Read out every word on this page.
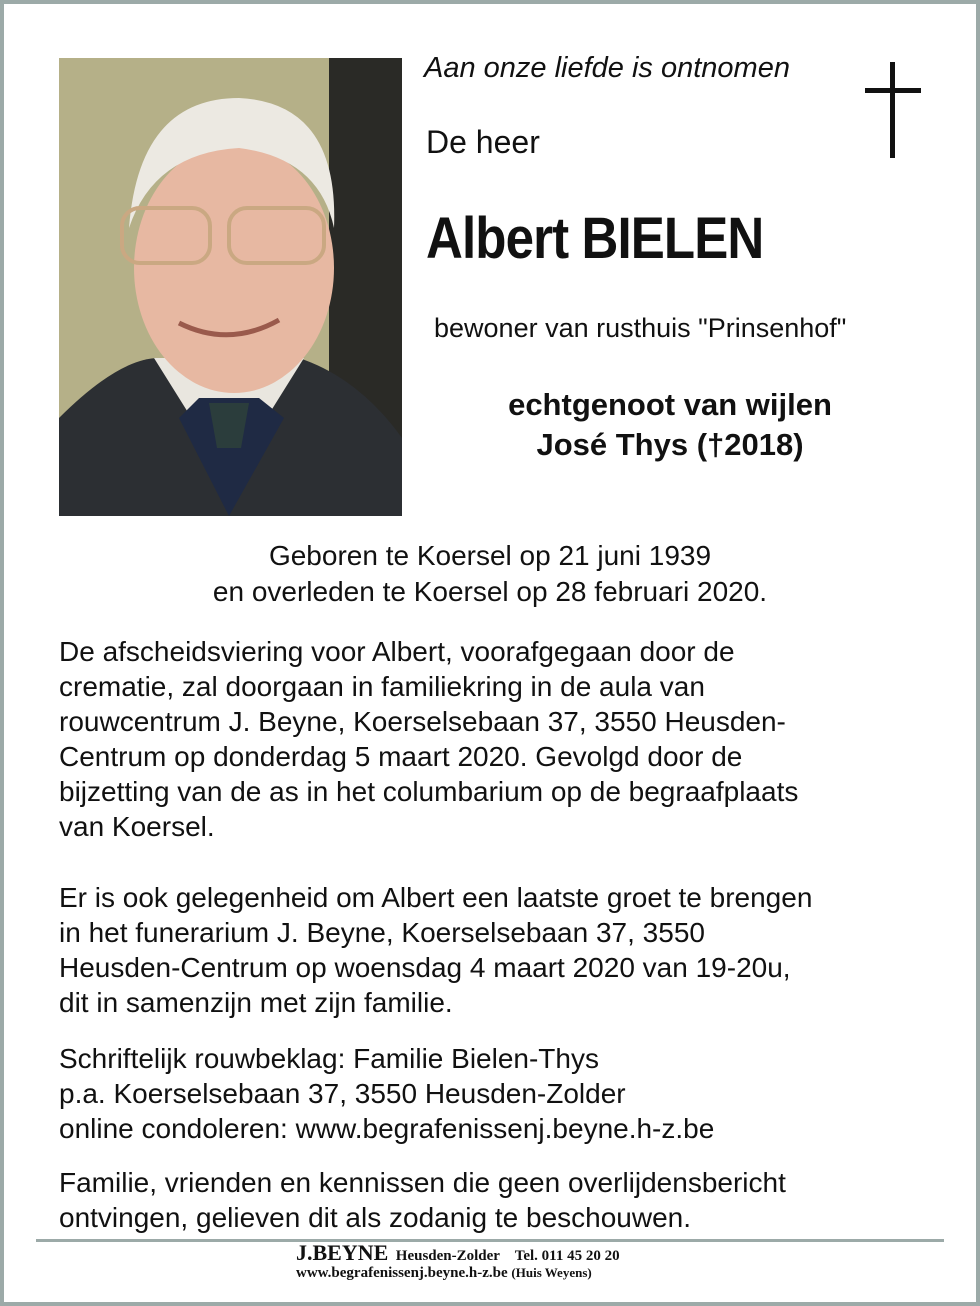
Aan onze liefde is ontnomen
De heer
Albert BIELEN
bewoner van rusthuis "Prinsenhof"
echtgenoot van wijlen
José Thys (†2018)
Geboren te Koersel op 21 juni 1939
en overleden te Koersel op 28 februari 2020.
De afscheidsviering voor Albert, voorafgegaan door de
crematie, zal doorgaan in familiekring in de aula van
rouwcentrum J. Beyne, Koerselsebaan 37, 3550 Heusden-
Centrum op donderdag 5 maart 2020. Gevolgd door de
bijzetting van de as in het columbarium op de begraafplaats
van Koersel.
Er is ook gelegenheid om Albert een laatste groet te brengen
in het funerarium J. Beyne, Koerselsebaan 37, 3550
Heusden-Centrum op woensdag 4 maart 2020 van 19-20u,
dit in samenzijn met zijn familie.
Schriftelijk rouwbeklag: Familie Bielen-Thys
p.a. Koerselsebaan 37, 3550 Heusden-Zolder
online condoleren: www.begrafenissenj.beyne.h-z.be
Familie, vrienden en kennissen die geen overlijdensbericht
ontvingen, gelieven dit als zodanig te beschouwen.
J.BEYNE Heusden-Zolder Tel. 011 45 20 20
www.begrafenissenj.beyne.h-z.be (Huis Weyens)
